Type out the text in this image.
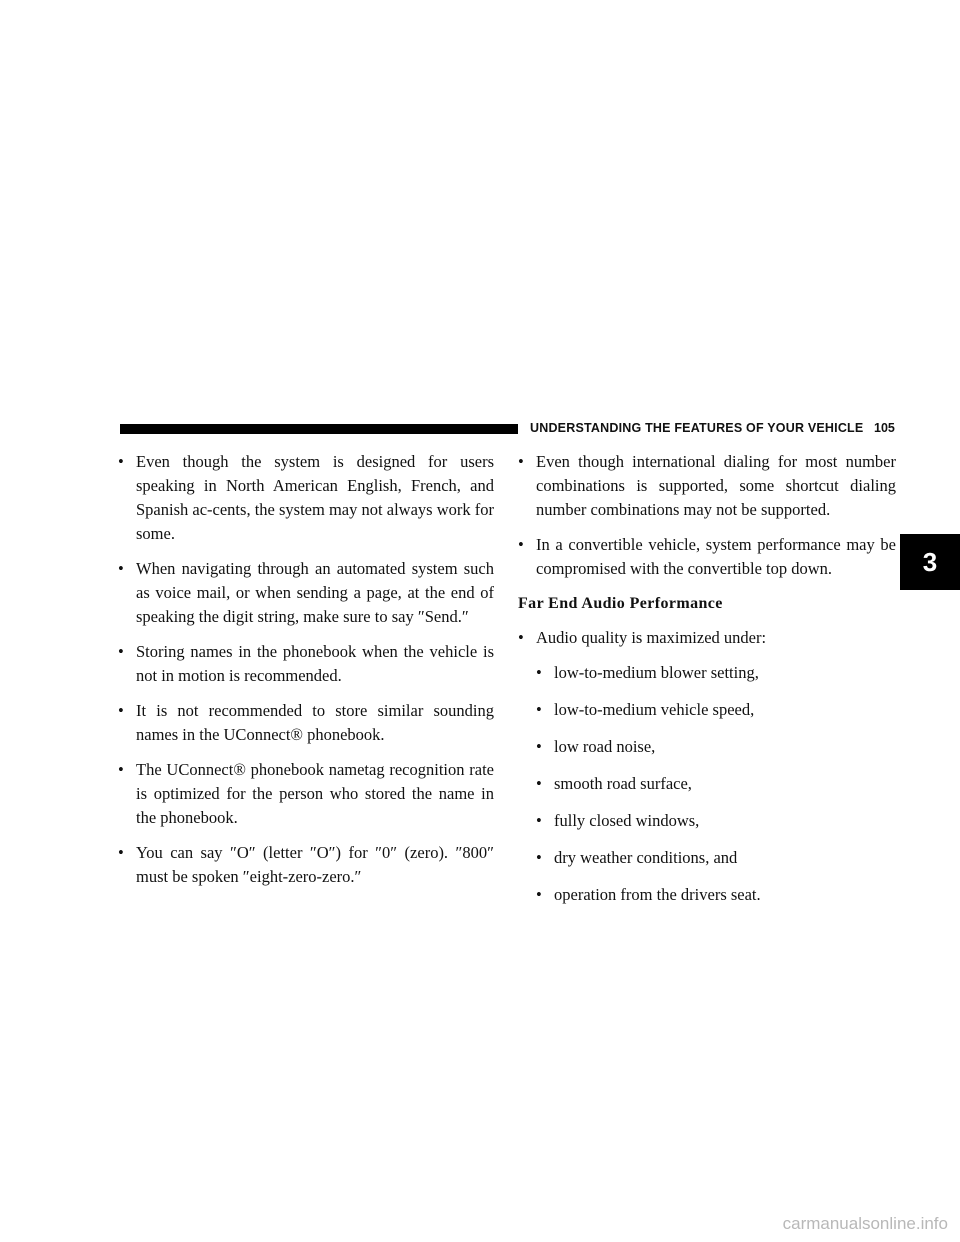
UNDERSTANDING THE FEATURES OF YOUR VEHICLE 105
3
• Even though the system is designed for users speaking in North American English, French, and Spanish ac-cents, the system may not always work for some.
• When navigating through an automated system such as voice mail, or when sending a page, at the end of speaking the digit string, make sure to say ″Send.″
• Storing names in the phonebook when the vehicle is not in motion is recommended.
• It is not recommended to store similar sounding names in the UConnect® phonebook.
• The UConnect® phonebook nametag recognition rate is optimized for the person who stored the name in the phonebook.
• You can say ″O″ (letter ″O″) for ″0″ (zero). ″800″ must be spoken ″eight-zero-zero.″
• Even though international dialing for most number combinations is supported, some shortcut dialing number combinations may not be supported.
• In a convertible vehicle, system performance may be compromised with the convertible top down.
Far End Audio Performance
• Audio quality is maximized under:
• low-to-medium blower setting,
• low-to-medium vehicle speed,
• low road noise,
• smooth road surface,
• fully closed windows,
• dry weather conditions, and
• operation from the drivers seat.
carmanualsonline.info
